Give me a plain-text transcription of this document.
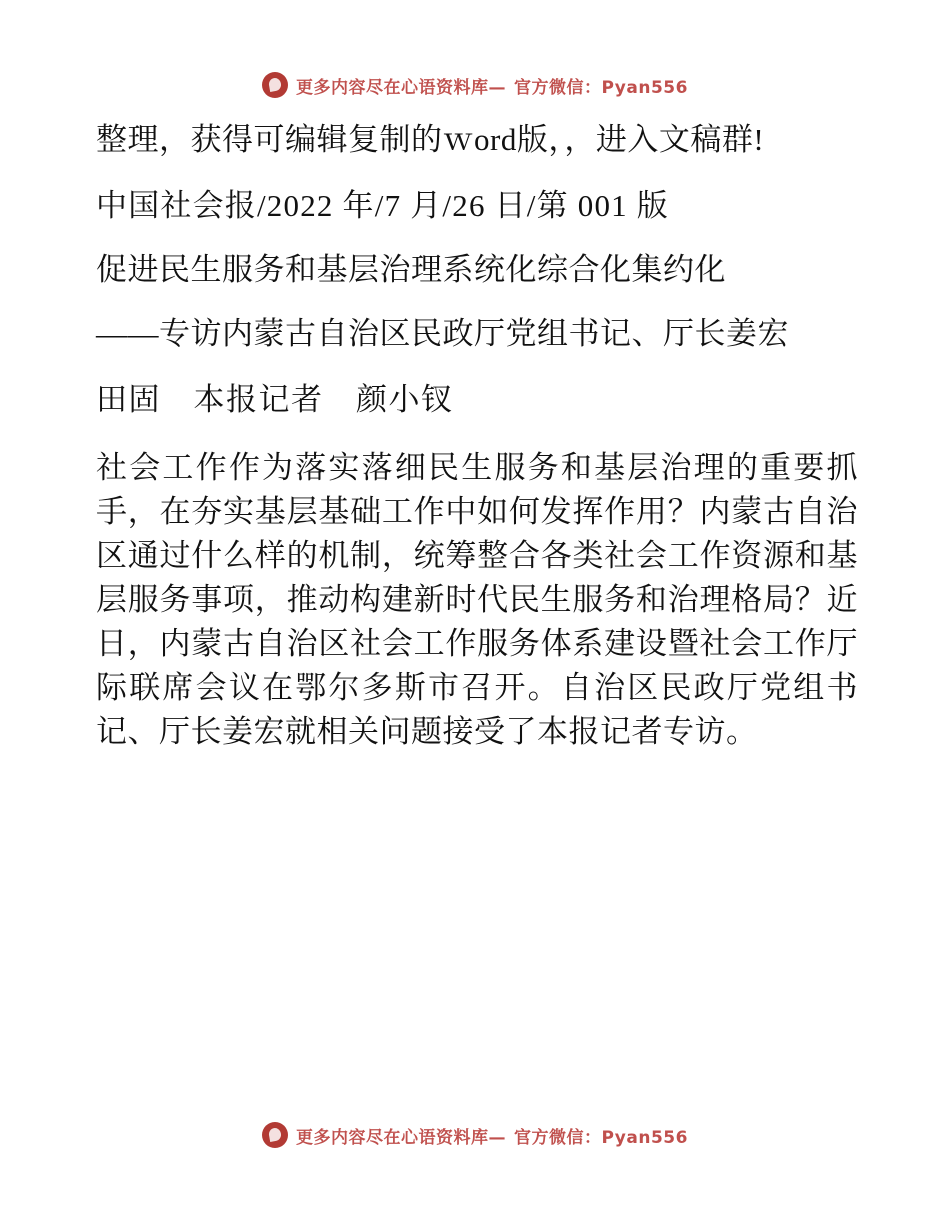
更多内容尽在心语资料库— 官方微信：Pyan556

整理，获得可编辑复制的ｗord版，，进入文稿群!

中国社会报/2022 年/7 月/26 日/第 001 版

促进民生服务和基层治理系统化综合化集约化

——专访内蒙古自治区民政厅党组书记、厅长姜宏

田固　本报记者　颜小钗

社会工作作为落实落细民生服务和基层治理的重要抓手，在夯实基层基础工作中如何发挥作用？内蒙古自治区通过什么样的机制，统筹整合各类社会工作资源和基层服务事项，推动构建新时代民生服务和治理格局？近日，内蒙古自治区社会工作服务体系建设暨社会工作厅际联席会议在鄂尔多斯市召开。自治区民政厅党组书记、厅长姜宏就相关问题接受了本报记者专访。

更多内容尽在心语资料库— 官方微信：Pyan556
